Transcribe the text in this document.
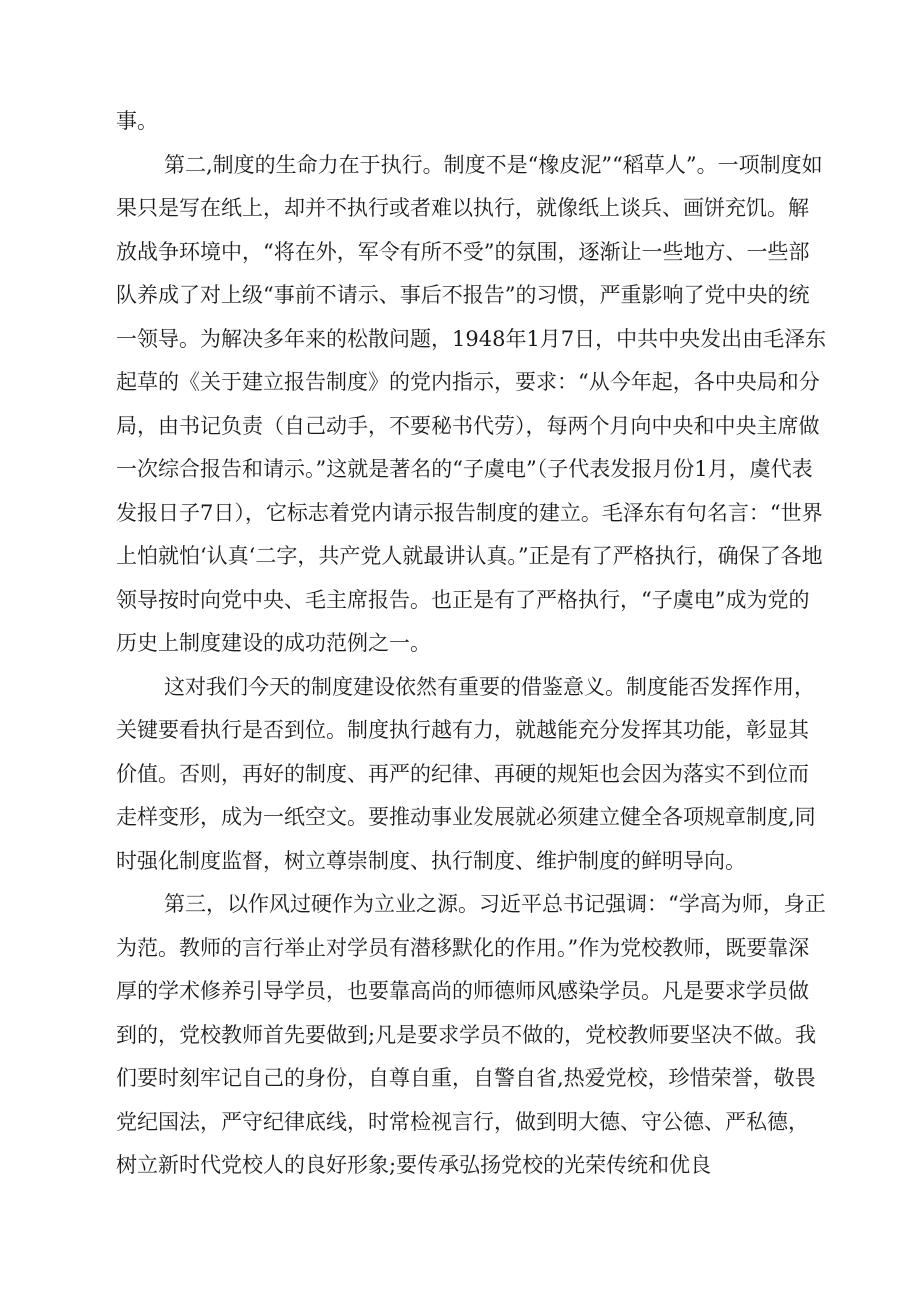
事。

第二,制度的生命力在于执行。制度不是“橡皮泥”“稻草人”。一项制度如果只是写在纸上，却并不执行或者难以执行，就像纸上谈兵、画饼充饥。解放战争环境中，“将在外，军令有所不受”的氛围，逐渐让一些地方、一些部队养成了对上级“事前不请示、事后不报告”的习惯，严重影响了党中央的统一领导。为解决多年来的松散问题，1948年1月7日，中共中央发出由毛泽东起草的《关于建立报告制度》的党内指示，要求：“从今年起，各中央局和分局，由书记负责（自己动手，不要秘书代劳），每两个月向中央和中央主席做一次综合报告和请示。”这就是著名的“子虞电”（子代表发报月份1月，虞代表发报日子7日），它标志着党内请示报告制度的建立。毛泽东有句名言：“世界上怕就怕‘认真‘二字，共产党人就最讲认真。”正是有了严格执行，确保了各地领导按时向党中央、毛主席报告。也正是有了严格执行，“子虞电”成为党的历史上制度建设的成功范例之一。

这对我们今天的制度建设依然有重要的借鉴意义。制度能否发挥作用，关键要看执行是否到位。制度执行越有力，就越能充分发挥其功能，彰显其价值。否则，再好的制度、再严的纪律、再硬的规矩也会因为落实不到位而走样变形，成为一纸空文。要推动事业发展就必须建立健全各项规章制度,同时强化制度监督，树立尊崇制度、执行制度、维护制度的鲜明导向。

第三，以作风过硬作为立业之源。习近平总书记强调：“学高为师，身正为范。教师的言行举止对学员有潜移默化的作用。”作为党校教师，既要靠深厚的学术修养引导学员，也要靠高尚的师德师风感染学员。凡是要求学员做到的，党校教师首先要做到;凡是要求学员不做的，党校教师要坚决不做。我们要时刻牢记自己的身份，自尊自重，自警自省,热爱党校，珍惜荣誉，敬畏党纪国法，严守纪律底线，时常检视言行，做到明大德、守公德、严私德，树立新时代党校人的良好形象;要传承弘扬党校的光荣传统和优良
